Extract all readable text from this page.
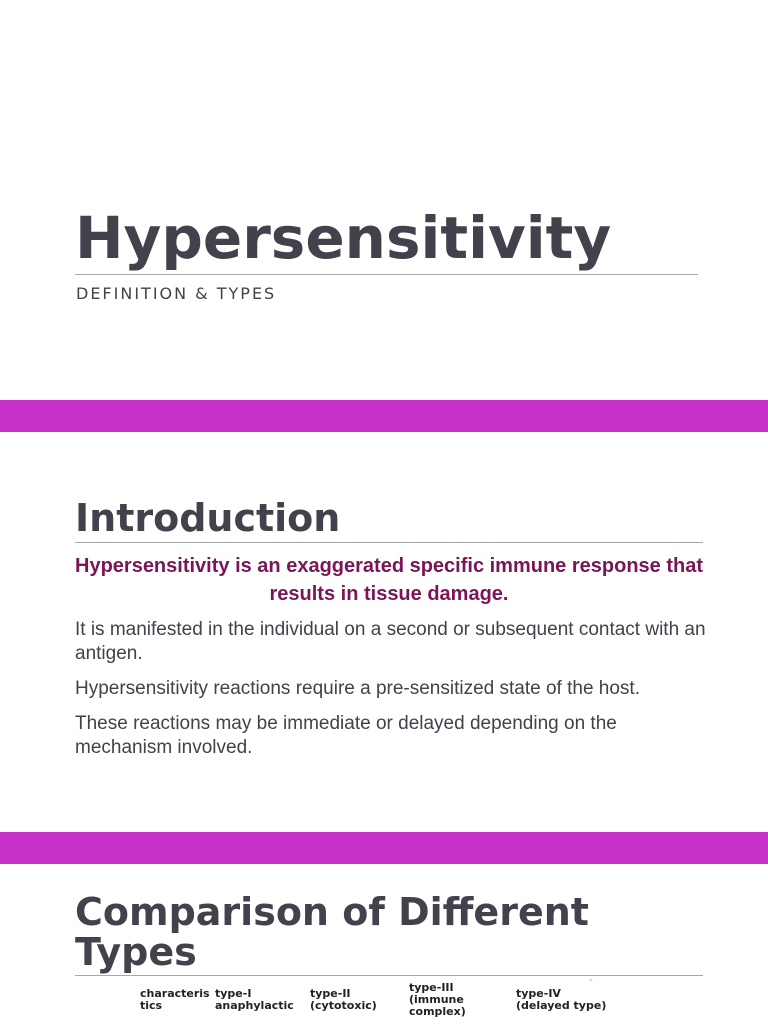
Hypersensitivity

DEFINITION & TYPES

Introduction

Hypersensitivity is an exaggerated specific immune response that results in tissue damage.

It is manifested in the individual on a second or subsequent contact with an antigen.

Hypersensitivity reactions require a pre-sensitized state of the host.

These reactions may be immediate or delayed depending on the mechanism involved.

Comparison of Different Types

characteris
tics

type-I
anaphylactic

type-II
(cytotoxic)

type-III
(immune
complex)

type-IV
(delayed type)

¨
